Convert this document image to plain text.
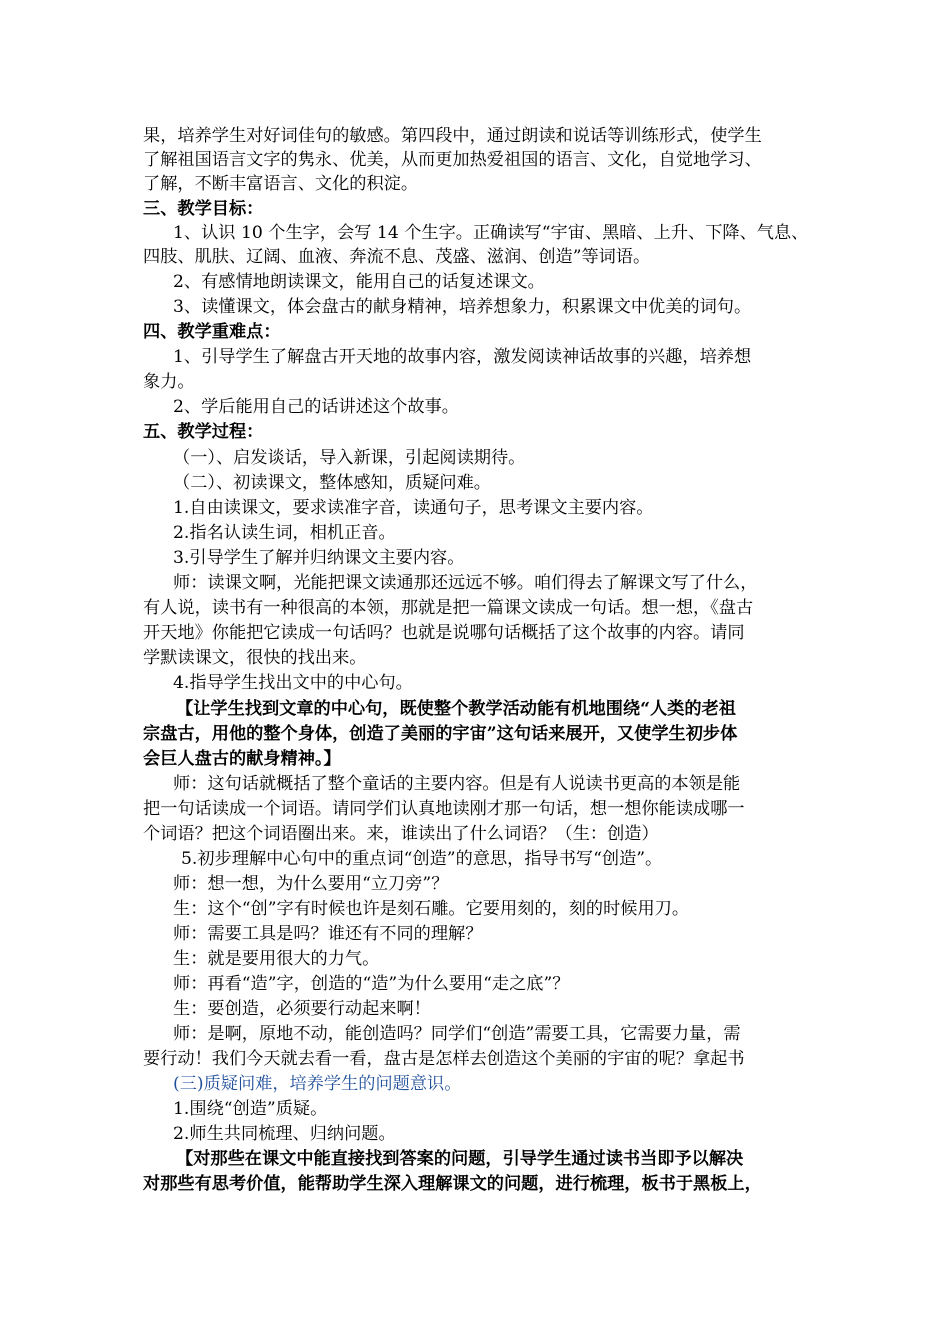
果，培养学生对好词佳句的敏感。第四段中，通过朗读和说话等训练形式，使学生
了解祖国语言文字的隽永、优美，从而更加热爱祖国的语言、文化，自觉地学习、
了解，不断丰富语言、文化的积淀。
三、教学目标：
1、认识 10 个生字，会写 14 个生字。正确读写“宇宙、黑暗、上升、下降、气息、
四肢、肌肤、辽阔、血液、奔流不息、茂盛、滋润、创造”等词语。
2、有感情地朗读课文，能用自己的话复述课文。
3、读懂课文，体会盘古的献身精神，培养想象力，积累课文中优美的词句。
四、教学重难点：
1、引导学生了解盘古开天地的故事内容，激发阅读神话故事的兴趣，培养想
象力。
2、学后能用自己的话讲述这个故事。
五、教学过程：
（一）、启发谈话，导入新课，引起阅读期待。
（二）、初读课文，整体感知，质疑问难。
1.自由读课文，要求读准字音，读通句子，思考课文主要内容。
2.指名认读生词，相机正音。
3.引导学生了解并归纳课文主要内容。
师：读课文啊，光能把课文读通那还远远不够。咱们得去了解课文写了什么，
有人说，读书有一种很高的本领，那就是把一篇课文读成一句话。想一想，《盘古
开天地》你能把它读成一句话吗？也就是说哪句话概括了这个故事的内容。请同
学默读课文，很快的找出来。
4.指导学生找出文中的中心句。
【让学生找到文章的中心句，既使整个教学活动能有机地围绕“人类的老祖
宗盘古，用他的整个身体，创造了美丽的宇宙”这句话来展开，又使学生初步体
会巨人盘古的献身精神。】
师：这句话就概括了整个童话的主要内容。但是有人说读书更高的本领是能
把一句话读成一个词语。请同学们认真地读刚才那一句话，想一想你能读成哪一
个词语？把这个词语圈出来。来，谁读出了什么词语？（生：创造）
5.初步理解中心句中的重点词“创造”的意思，指导书写“创造”。
师：想一想，为什么要用“立刀旁”？
生：这个“创”字有时候也许是刻石雕。它要用刻的，刻的时候用刀。
师：需要工具是吗？谁还有不同的理解？
生：就是要用很大的力气。
师：再看“造”字，创造的“造”为什么要用“走之底”？
生：要创造，必须要行动起来啊！
师：是啊，原地不动，能创造吗？同学们“创造”需要工具，它需要力量，需
要行动！我们今天就去看一看，盘古是怎样去创造这个美丽的宇宙的呢？拿起书
(三)质疑问难，培养学生的问题意识。
1.围绕“创造”质疑。
2.师生共同梳理、归纳问题。
【对那些在课文中能直接找到答案的问题，引导学生通过读书当即予以解决
对那些有思考价值，能帮助学生深入理解课文的问题，进行梳理，板书于黑板上，
